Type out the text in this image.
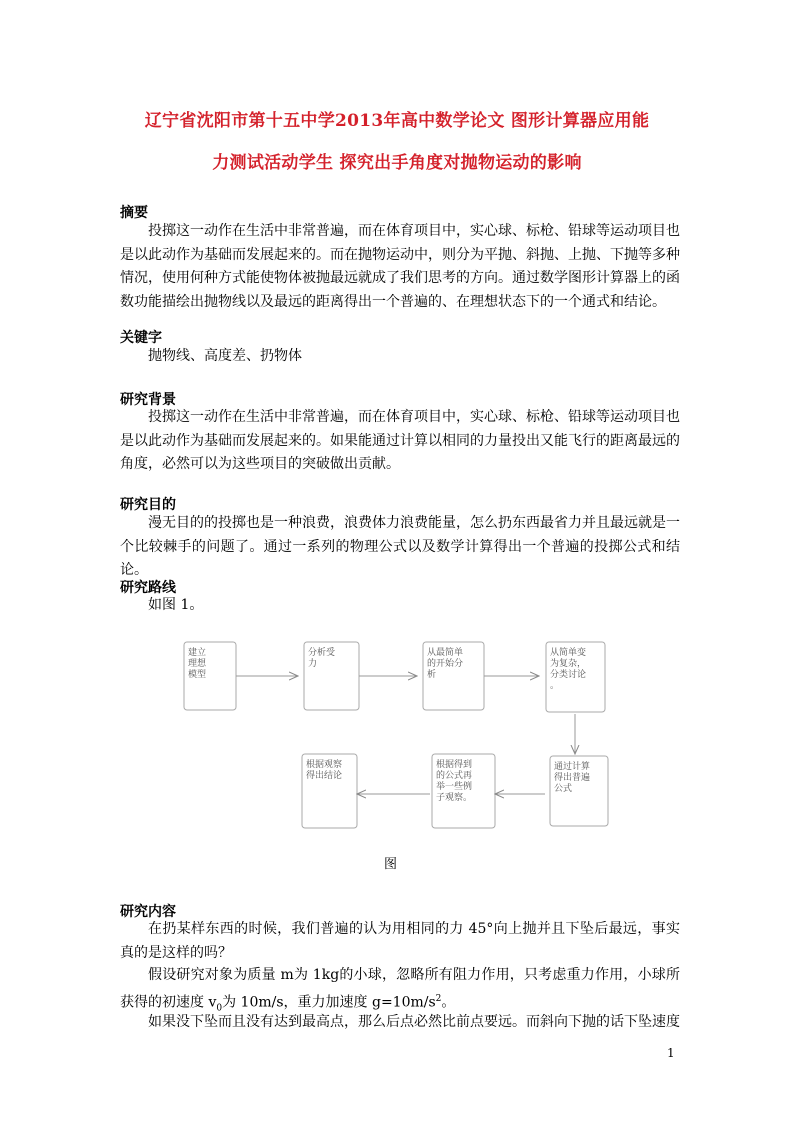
辽宁省沈阳市第十五中学2013年高中数学论文 图形计算器应用能
力测试活动学生 探究出手角度对抛物运动的影响
摘要

投掷这一动作在生活中非常普遍，而在体育项目中，实心球、标枪、铅球等运动项目也是以此动作为基础而发展起来的。而在抛物运动中，则分为平抛、斜抛、上抛、下抛等多种情况，使用何种方式能使物体被抛最远就成了我们思考的方向。通过数学图形计算器上的函数功能描绘出抛物线以及最远的距离得出一个普遍的、在理想状态下的一个通式和结论。

关键字

抛物线、高度差、扔物体

研究背景

投掷这一动作在生活中非常普遍，而在体育项目中，实心球、标枪、铅球等运动项目也是以此动作为基础而发展起来的。如果能通过计算以相同的力量投出又能飞行的距离最远的角度，必然可以为这些项目的突破做出贡献。

研究目的

漫无目的的投掷也是一种浪费，浪费体力浪费能量，怎么扔东西最省力并且最远就是一个比较棘手的问题了。通过一系列的物理公式以及数学计算得出一个普遍的投掷公式和结论。

研究路线

如图 1。

建立
理想
模型
分析受
力
从最简单
的开始分
析
从简单变
为复杂，
分类讨论
。
通过计算
得出普遍
公式
根据得到
的公式再
举一些例
子观察。
根据观察
得出结论
图
研究内容

在扔某样东西的时候，我们普遍的认为用相同的力 45°向上抛并且下坠后最远，事实真的是这样的吗？

假设研究对象为质量 m为 1kg的小球，忽略所有阻力作用，只考虑重力作用，小球所获得的初速度 $v_0$为 10m/s，重力加速度 $g=10m/s^2$。

如果没下坠而且没有达到最高点，那么后点必然比前点要远。而斜向下抛的话下坠速度

1
